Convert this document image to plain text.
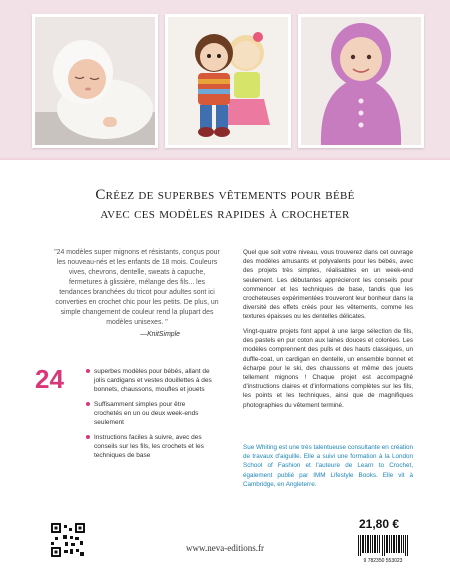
Créez de superbes vêtements pour bébé
avec ces modèles rapides à crocheter
"24 modèles super mignons et résistants, conçus pour les nouveau-nés et les enfants de 18 mois. Couleurs vives, chevrons, dentelle, sweats à capuche, fermetures à glissière, mélange des fils... les tendances branchées du tricot pour adultes sont ici converties en crochet chic pour les petits. De plus, un simple changement de couleur rend la plupart des modèles unisexes. "
—KnitSimple
24	superbes modèles pour bébés, allant de jolis cardigans et vestes douillettes à des bonnets, chaussons, moufles et jouets
Suffisamment simples pour être crochetés en un ou deux week-ends seulement
Instructions faciles à suivre, avec des conseils sur les fils, les crochets et les techniques de base
Quel que soit votre niveau, vous trouverez dans cet ouvrage des modèles amusants et polyvalents pour les bébés, avec des projets très simples, réalisables en un week-end seulement. Les débutantes apprécieront les conseils pour commencer et les techniques de base, tandis que les crocheteuses expérimentées trouveront leur bonheur dans la diversité des effets créés pour les vêtements, comme les textures épaisses ou les dentelles délicates.
Vingt-quatre projets font appel à une large sélection de fils, des pastels en pur coton aux laines douces et colorées. Les modèles comprennent des pulls et des hauts classiques, un duffle-coat, un cardigan en dentelle, un ensemble bonnet et écharpe pour le ski, des chaussons et même des jouets tellement mignons ! Chaque projet est accompagné d'instructions claires et d'informations complètes sur les fils, les points et les techniques, ainsi que de magnifiques photographies du vêtement terminé.
Sue Whiting est une très talentueuse consultante en création de travaux d'aiguille. Elle a suivi une formation à la London School of Fashion et l'auteure de Learn to Crochet, également publié par IMM Lifestyle Books. Elle vit à Cambridge, en Angleterre.
21,80 €
www.neva-editions.fr
9 782350 553023
